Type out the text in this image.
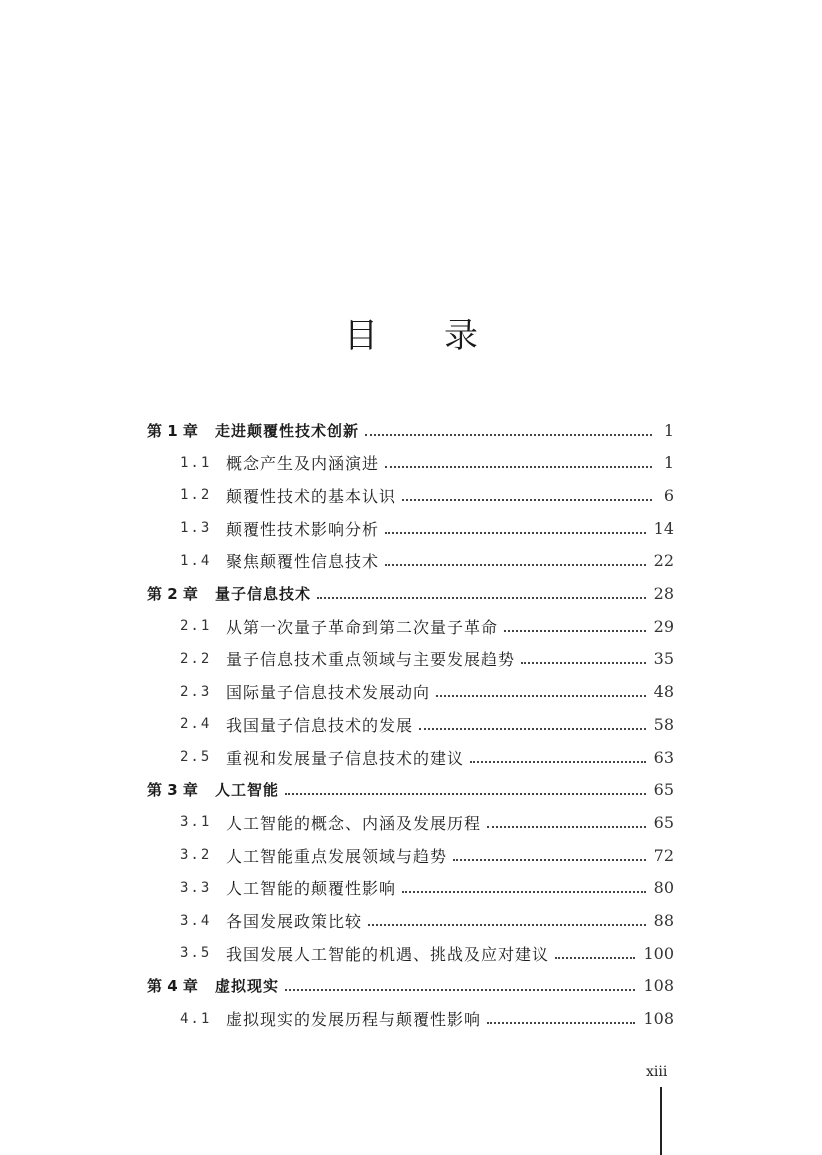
目 录
第 1 章	走进颠覆性技术创新	1
1.1 概念产生及内涵演进	1
1.2 颠覆性技术的基本认识	6
1.3 颠覆性技术影响分析	14
1.4 聚焦颠覆性信息技术	22
第 2 章	量子信息技术	28
2.1 从第一次量子革命到第二次量子革命	29
2.2 量子信息技术重点领域与主要发展趋势	35
2.3 国际量子信息技术发展动向	48
2.4 我国量子信息技术的发展	58
2.5 重视和发展量子信息技术的建议	63
第 3 章	人工智能	65
3.1 人工智能的概念、内涵及发展历程	65
3.2 人工智能重点发展领域与趋势	72
3.3 人工智能的颠覆性影响	80
3.4 各国发展政策比较	88
3.5 我国发展人工智能的机遇、挑战及应对建议	100
第 4 章	虚拟现实	108
4.1 虚拟现实的发展历程与颠覆性影响	108
xiii
